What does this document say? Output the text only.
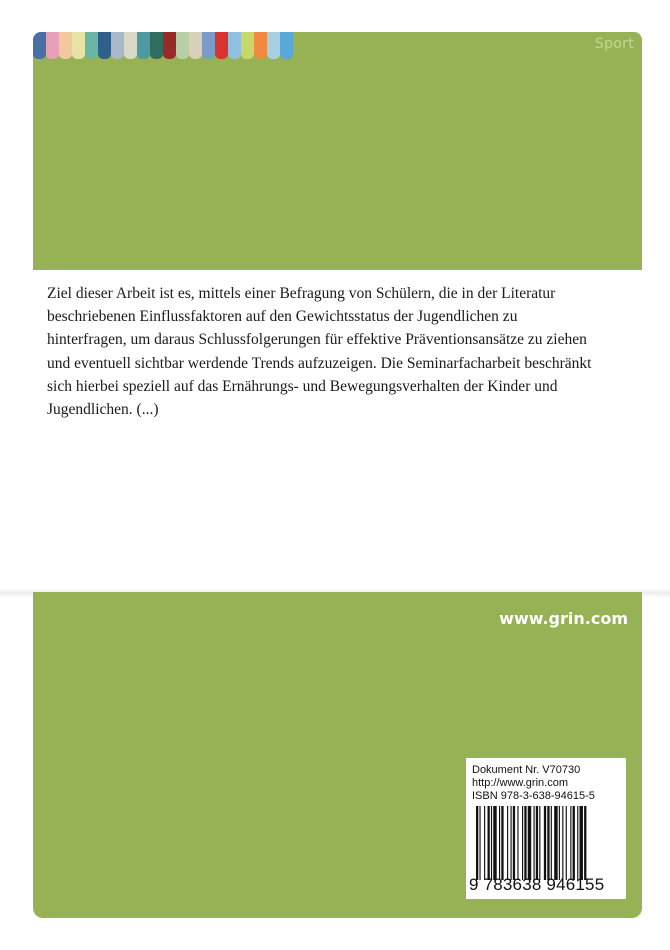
Sport

Ziel dieser Arbeit ist es, mittels einer Befragung von Schülern, die in der Literatur beschriebenen Einflussfaktoren auf den Gewichtsstatus der Jugendlichen zu hinterfragen, um daraus Schlussfolgerungen für effektive Präventionsansätze zu ziehen und eventuell sichtbar werdende Trends aufzuzeigen. Die Seminarfacharbeit beschränkt sich hierbei speziell auf das Ernährungs- und Bewegungsverhalten der Kinder und Jugendlichen. (...)

www.grin.com

Dokument Nr. V70730

http://www.grin.com

ISBN 978-3-638-94615-5

9 783638 946155
